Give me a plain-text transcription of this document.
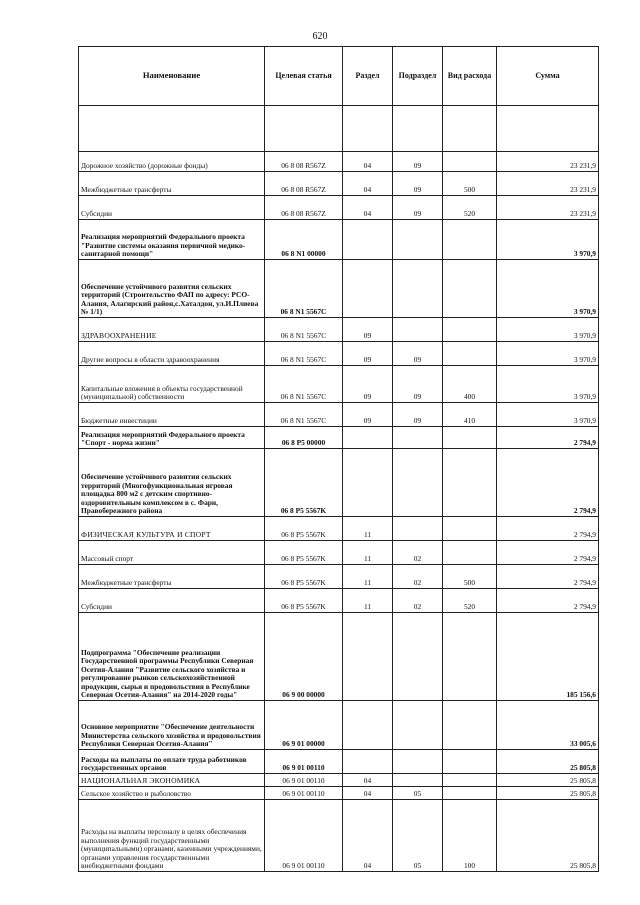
620
Наименование	Целевая статья	Раздел	Подраздел	Вид расхода	Сумма

Дорожное хозяйство (дорожные фонды)	06 8 08 R567Z	04	09		23 231,9
Межбюджетные трансферты	06 8 08 R567Z	04	09	500	23 231,9
Субсидии	06 8 08 R567Z	04	09	520	23 231,9
Реализация мероприятий Федерального проекта "Развитие системы оказания первичной медико-санитарной помощи"	06 8 N1 00000				3 970,9
Обеспечение устойчивого развития сельских территорий (Строительство ФАП по адресу: РСО-Алания, Алагирский район,с.Хаталдон, ул.И.Плиева № 1/1)	06 8 N1 5567C				3 970,9
ЗДРАВООХРАНЕНИЕ	06 8 N1 5567C	09			3 970,9
Другие вопросы в области здравоохранения	06 8 N1 5567C	09	09		3 970,9
Капитальные вложения в объекты государственной (муниципальной) собственности	06 8 N1 5567C	09	09	400	3 970,9
Бюджетные инвестиции	06 8 N1 5567C	09	09	410	3 970,9
Реализация мероприятий Федерального проекта "Спорт - норма жизни"	06 8 P5 00000				2 794,9
Обеспечение устойчивого развития сельских территорий (Многофункциональная игровая площадка 800 м2 с детским спортивно-оздоровительным комплексом в с. Фарн, Правобережного района	06 8 P5 5567K				2 794,9
ФИЗИЧЕСКАЯ КУЛЬТУРА И СПОРТ	06 8 P5 5567K	11			2 794,9
Массовый спорт	06 8 P5 5567K	11	02		2 794,9
Межбюджетные трансферты	06 8 P5 5567K	11	02	500	2 794,9
Субсидии	06 8 P5 5567K	11	02	520	2 794,9
Подпрограмма "Обеспечение реализации Государственной программы Республики Северная Осетия-Алания "Развитие сельского хозяйства и регулирование рынков сельскохозяйственной продукции, сырья и продовольствия в Республике Северная Осетия-Алания" на 2014-2020 годы"	06 9 00 00000				185 156,6
Основное мероприятие "Обеспечение деятельности Министерства сельского хозяйства и продовольствия Республики Северная Осетия-Алания"	06 9 01 00000				33 005,6
Расходы на выплаты по оплате труда работников государственных органов	06 9 01 00110				25 805,8
НАЦИОНАЛЬНАЯ ЭКОНОМИКА	06 9 01 00110	04			25 805,8
Сельское хозяйство и рыболовство	06 9 01 00110	04	05		25 805,8
Расходы на выплаты персоналу в целях обеспечения выполнения функций государственными (муниципальными) органами, казенными учреждениями, органами управления государственными внебюджетными фондами	06 9 01 00110	04	05	100	25 805,8
